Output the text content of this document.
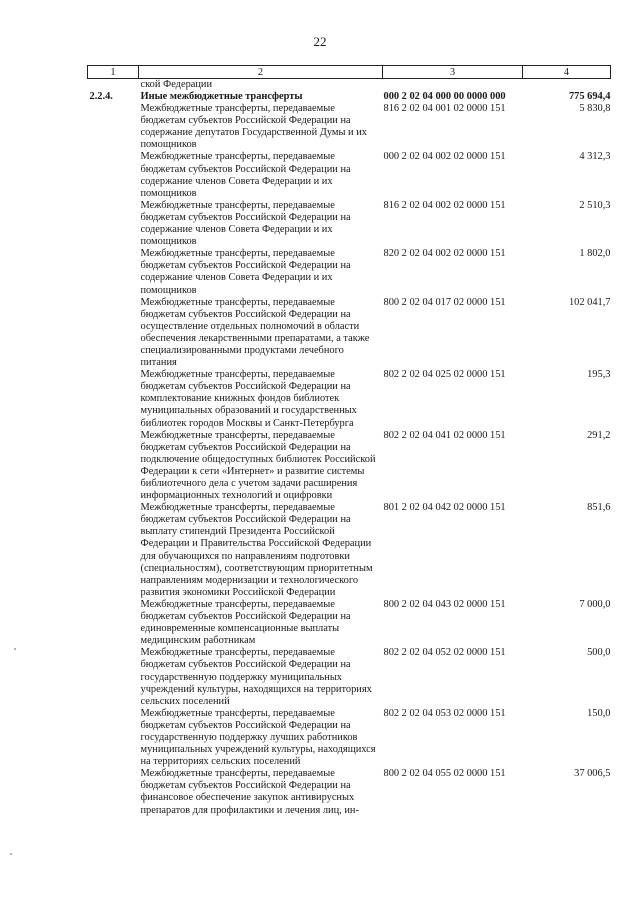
22
1	2	3	4
	ской Федерации		
2.2.4.	Иные межбюджетные трансферты	000 2 02 04 000 00 0000 000	775 694,4
	Межбюджетные трансферты, передаваемые бюджетам субъектов Российской Федерации на содержание депутатов Государственной Думы и их помощников	816 2 02 04 001 02 0000 151	5 830,8
	Межбюджетные трансферты, передаваемые бюджетам субъектов Российской Федерации на содержание членов Совета Федерации и их помощников	000 2 02 04 002 02 0000 151	4 312,3
	Межбюджетные трансферты, передаваемые бюджетам субъектов Российской Федерации на содержание членов Совета Федерации и их помощников	816 2 02 04 002 02 0000 151	2 510,3
	Межбюджетные трансферты, передаваемые бюджетам субъектов Российской Федерации на содержание членов Совета Федерации и их помощников	820 2 02 04 002 02 0000 151	1 802,0
	Межбюджетные трансферты, передаваемые бюджетам субъектов Российской Федерации на осуществление отдельных полномочий в области обеспечения лекарственными препаратами, а также специализированными продуктами лечебного питания	800 2 02 04 017 02 0000 151	102 041,7
	Межбюджетные трансферты, передаваемые бюджетам субъектов Российской Федерации на комплектование книжных фондов библиотек муниципальных образований и государственных библиотек городов Москвы и Санкт-Петербурга	802 2 02 04 025 02 0000 151	195,3
	Межбюджетные трансферты, передаваемые бюджетам субъектов Российской Федерации на подключение общедоступных библиотек Российской Федерации к сети «Интернет» и развитие системы библиотечного дела с учетом задачи расширения информационных технологий и оцифровки	802 2 02 04 041 02 0000 151	291,2
	Межбюджетные трансферты, передаваемые бюджетам субъектов Российской Федерации на выплату стипендий Президента Российской Федерации и Правительства Российской Федерации для обучающихся по направлениям подготовки (специальностям), соответствующим приоритетным направлениям модернизации и технологического развития экономики Российской Федерации	801 2 02 04 042 02 0000 151	851,6
	Межбюджетные трансферты, передаваемые бюджетам субъектов Российской Федерации на единовременные компенсационные выплаты медицинским работникам	800 2 02 04 043 02 0000 151	7 000,0
	Межбюджетные трансферты, передаваемые бюджетам субъектов Российской Федерации на государственную поддержку муниципальных учреждений культуры, находящихся на территориях сельских поселений	802 2 02 04 052 02 0000 151	500,0
	Межбюджетные трансферты, передаваемые бюджетам субъектов Российской Федерации на государственную поддержку лучших работников муниципальных учреждений культуры, находящихся на территориях сельских поселений	802 2 02 04 053 02 0000 151	150,0
	Межбюджетные трансферты, передаваемые бюджетам субъектов Российской Федерации на финансовое обеспечение закупок антивирусных препаратов для профилактики и лечения лиц, ин-	800 2 02 04 055 02 0000 151	37 006,5
